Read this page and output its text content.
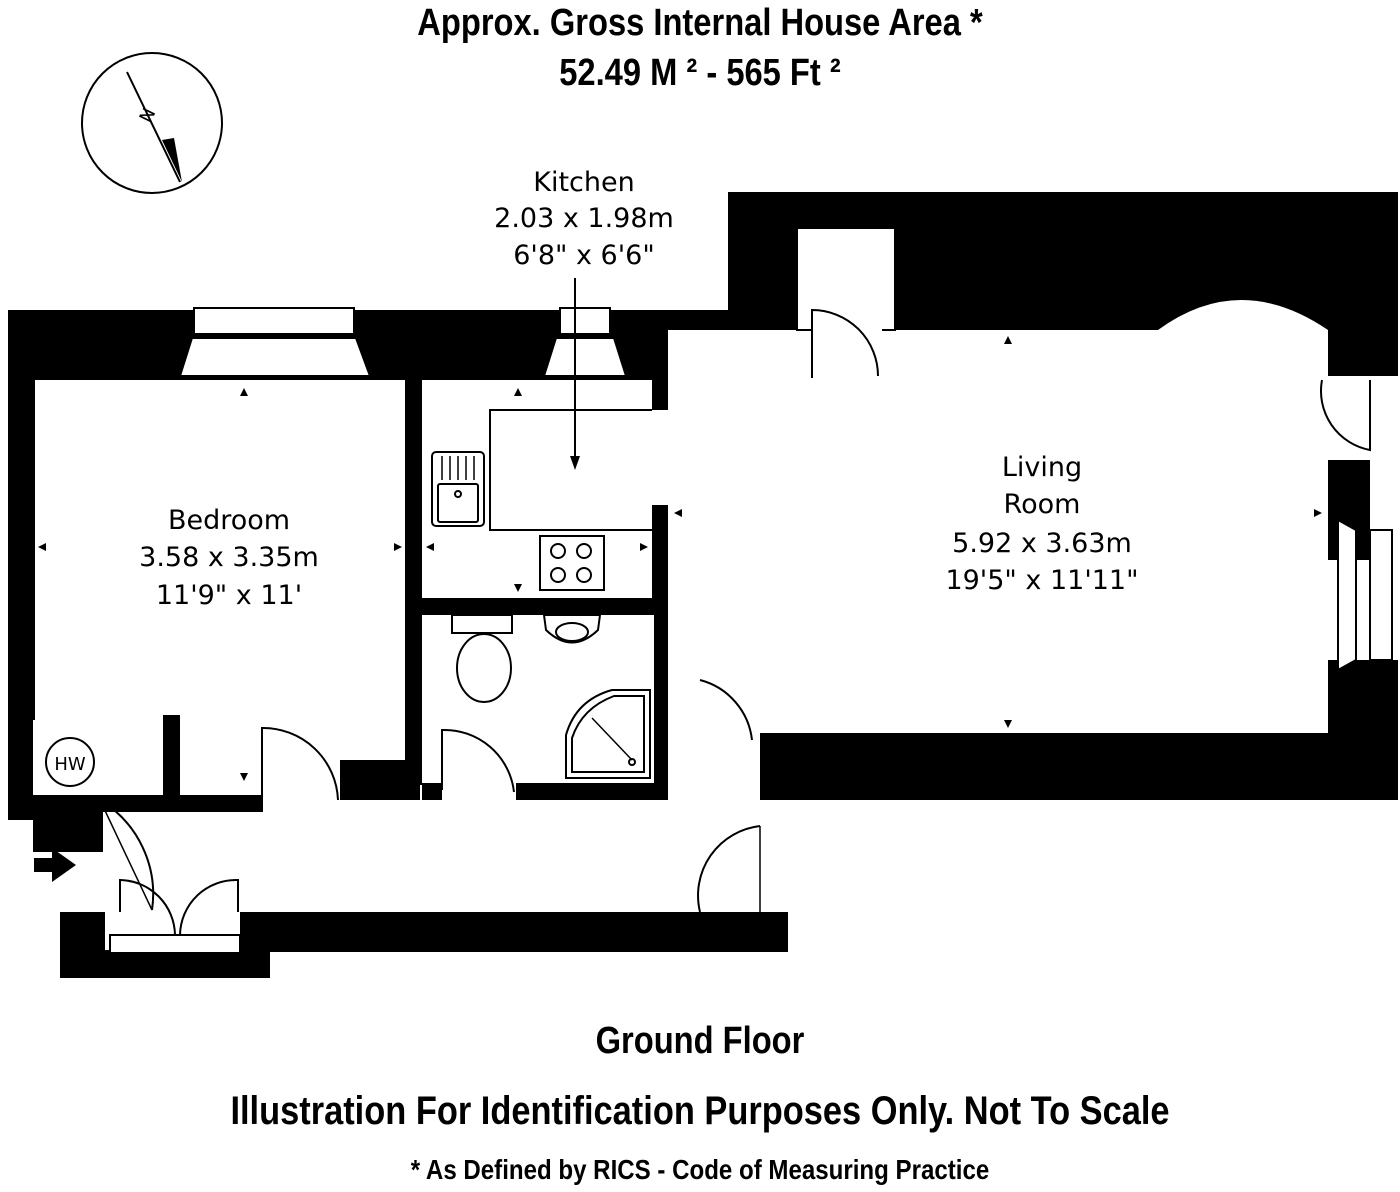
Approx. Gross Internal House Area *
52.49 M ² - 565 Ft ²
N
HW
Kitchen
2.03 x 1.98m
6'8" x 6'6"
Living
Room
5.92 x 3.63m
19'5" x 11'11"
Bedroom
3.58 x 3.35m
11'9" x 11'
Ground Floor
Illustration For Identification Purposes Only. Not To Scale
* As Defined by RICS - Code of Measuring Practice
